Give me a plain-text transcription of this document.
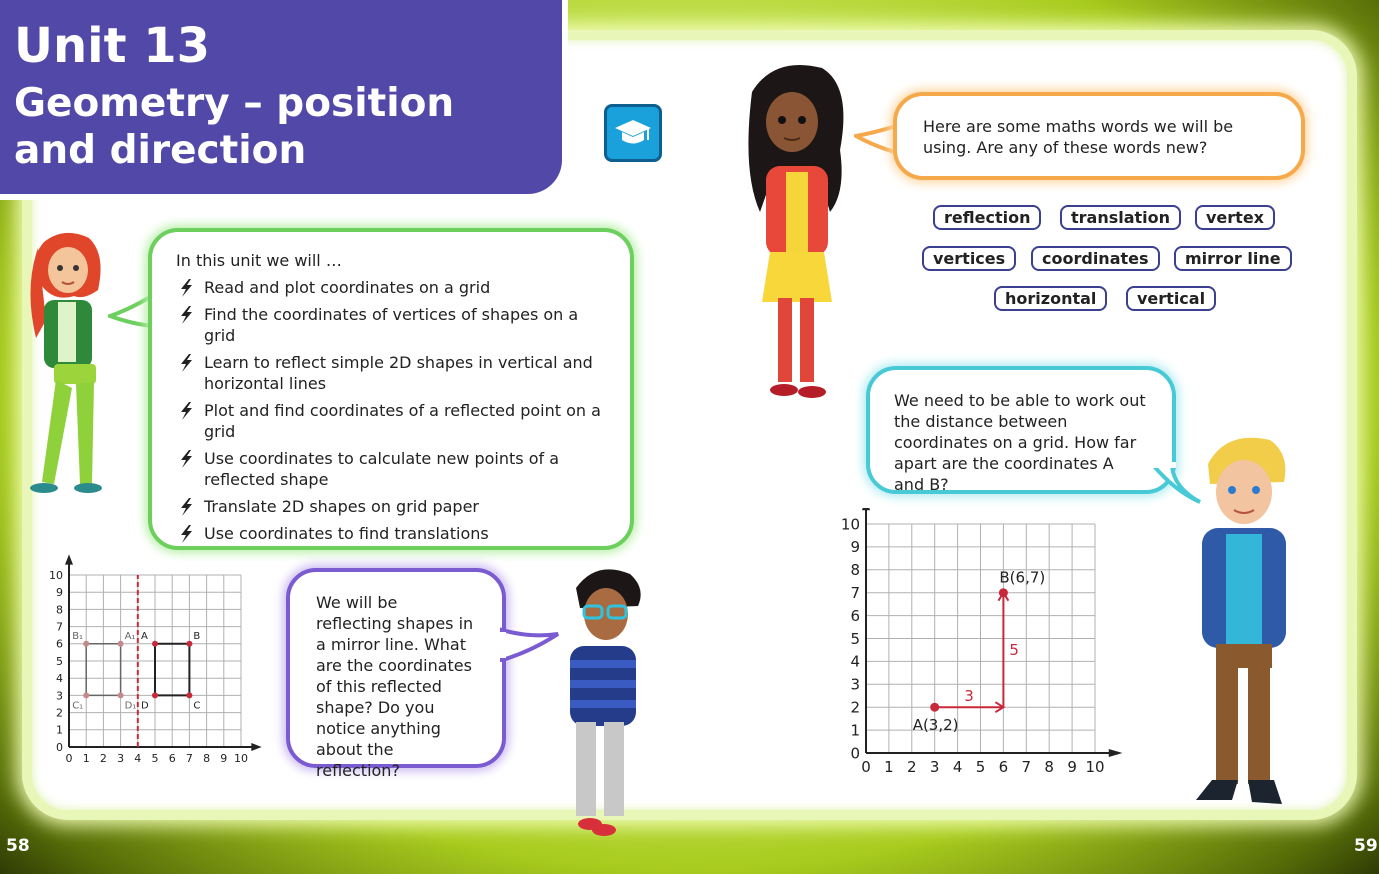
Unit 13
Geometry – position
and direction
In this unit we will …
Read and plot coordinates on a grid
Find the coordinates of vertices of shapes on a grid
Learn to reflect simple 2D shapes in vertical and horizontal lines
Plot and find coordinates of a reflected point on a grid
Use coordinates to calculate new points of a reflected shape
Translate 2D shapes on grid paper
Use coordinates to find translations
Here are some maths words we will be using. Are any of these words new?
reflection	translation	vertex
vertices	coordinates	mirror line
horizontal	vertical
We need to be able to work out the distance between coordinates on a grid. How far apart are the coordinates A and B?
0
0
1
1
2
2
3
3
4
4
5
5
6
6
7
7
8
8
9
9
10
10
A	B
C
D
A₁
B₁
C₁	D₁
We will be reflecting shapes in a mirror line. What are the coordinates of this reflected shape? Do you notice anything about the reflection?	0
0
1
1
2
2
3
3
4
4
5
5
6
6
7
7
8
8
9
9
10
10
3
5
A(3,2)
B(6,7)
58	59
